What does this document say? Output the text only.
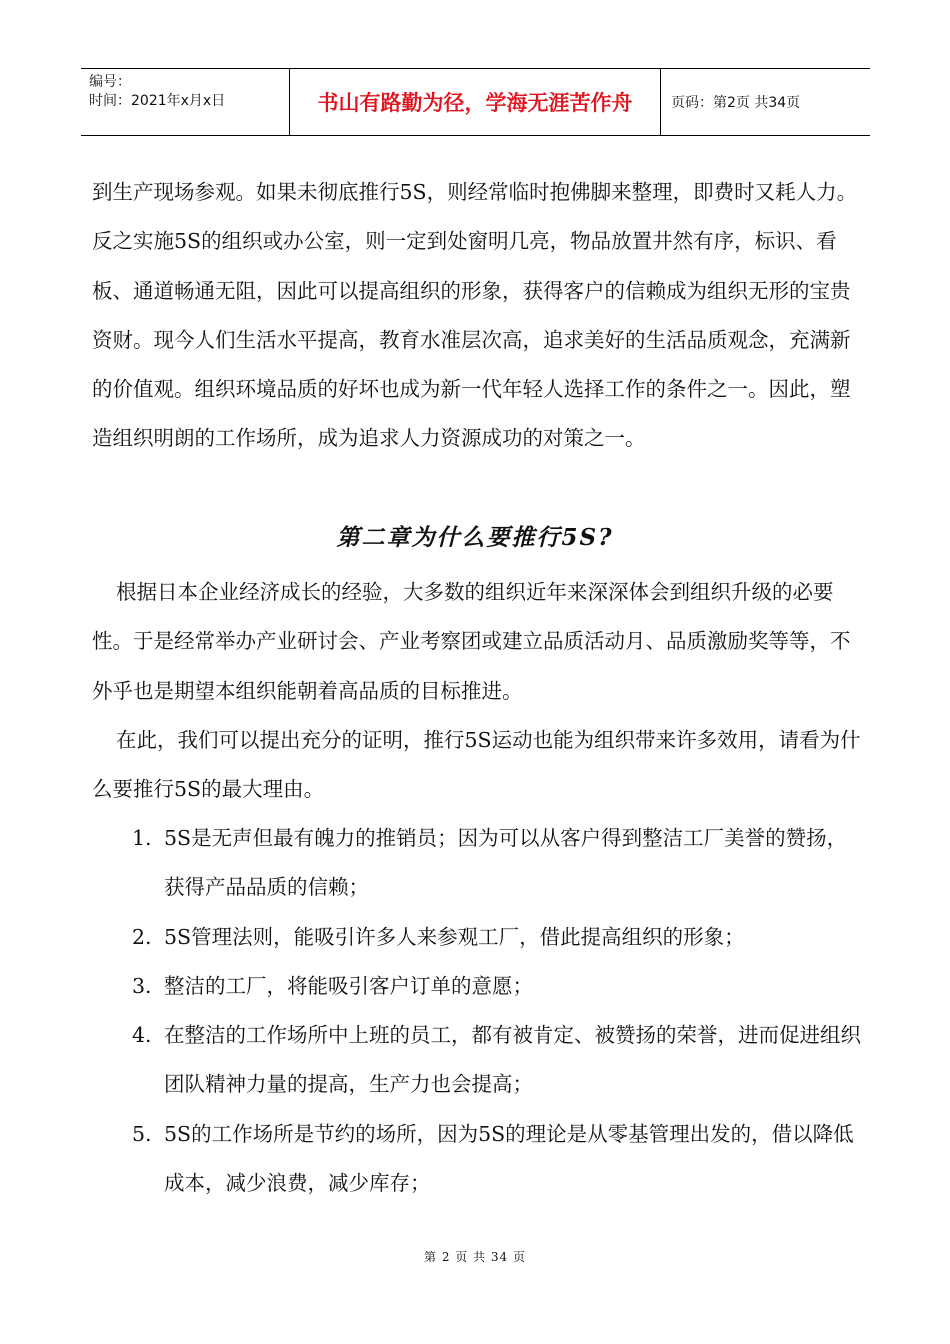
编号：
时间：2021年x月x日	书山有路勤为径，学海无涯苦作舟	页码：第2页 共34页

到生产现场参观。如果未彻底推行5S，则经常临时抱佛脚来整理，即费时又耗人力。反之实施5S的组织或办公室，则一定到处窗明几亮，物品放置井然有序，标识、看板、通道畅通无阻，因此可以提高组织的形象，获得客户的信赖成为组织无形的宝贵资财。现今人们生活水平提高，教育水准层次高，追求美好的生活品质观念，充满新的价值观。组织环境品质的好坏也成为新一代年轻人选择工作的条件之一。因此，塑造组织明朗的工作场所，成为追求人力资源成功的对策之一。

第二章为什么要推行5S?

根据日本企业经济成长的经验，大多数的组织近年来深深体会到组织升级的必要性。于是经常举办产业研讨会、产业考察团或建立品质活动月、品质激励奖等等，不外乎也是期望本组织能朝着高品质的目标推进。

在此，我们可以提出充分的证明，推行5S运动也能为组织带来许多效用，请看为什么要推行5S的最大理由。

1. 5S是无声但最有魄力的推销员；因为可以从客户得到整洁工厂美誉的赞扬，获得产品品质的信赖；
2. 5S管理法则，能吸引许多人来参观工厂，借此提高组织的形象；
3. 整洁的工厂，将能吸引客户订单的意愿；
4. 在整洁的工作场所中上班的员工，都有被肯定、被赞扬的荣誉，进而促进组织团队精神力量的提高，生产力也会提高；
5. 5S的工作场所是节约的场所，因为5S的理论是从零基管理出发的，借以降低成本，减少浪费，减少库存；
第 2 页 共 34 页
